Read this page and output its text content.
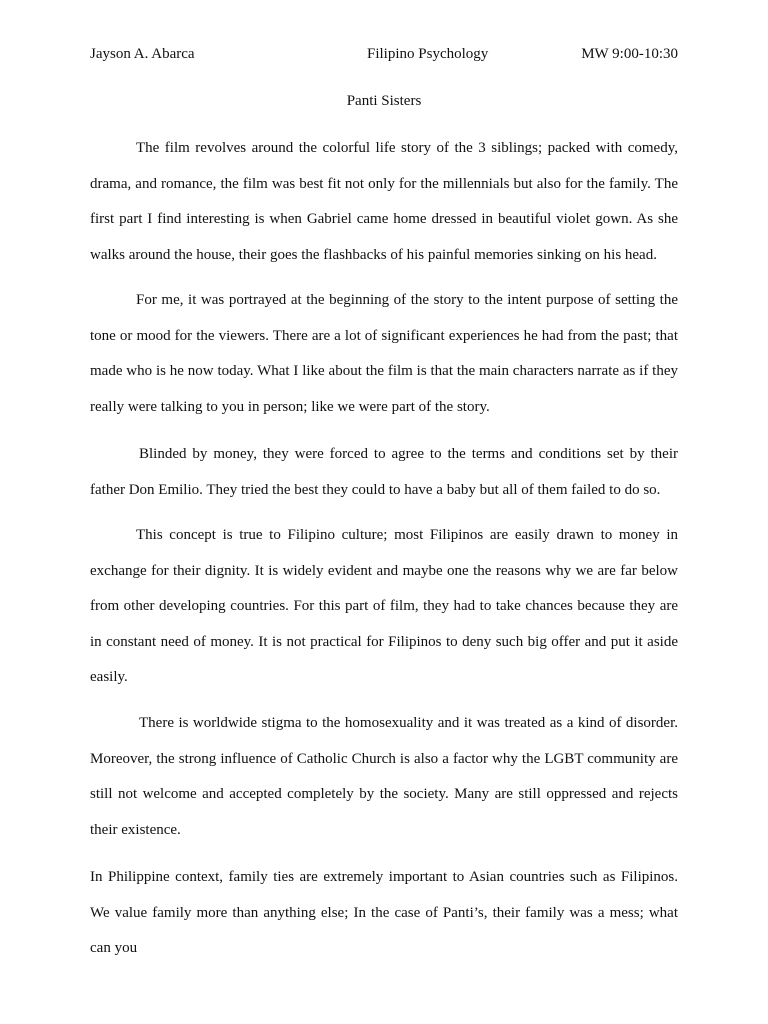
Jayson A. Abarca	Filipino Psychology	MW 9:00-10:30
Panti Sisters

The film revolves around the colorful life story of the 3 siblings; packed with comedy, drama, and romance, the film was best fit not only for the millennials but also for the family. The first part I find interesting is when Gabriel came home dressed in beautiful violet gown. As she walks around the house, their goes the flashbacks of his painful memories sinking on his head.

For me, it was portrayed at the beginning of the story to the intent purpose of setting the tone or mood for the viewers. There are a lot of significant experiences he had from the past; that made who is he now today. What I like about the film is that the main characters narrate as if they really were talking to you in person; like we were part of the story.

Blinded by money, they were forced to agree to the terms and conditions set by their father Don Emilio. They tried the best they could to have a baby but all of them failed to do so.

This concept is true to Filipino culture; most Filipinos are easily drawn to money in exchange for their dignity. It is widely evident and maybe one the reasons why we are far below from other developing countries. For this part of film, they had to take chances because they are in constant need of money. It is not practical for Filipinos to deny such big offer and put it aside easily.

There is worldwide stigma to the homosexuality and it was treated as a kind of disorder. Moreover, the strong influence of Catholic Church is also a factor why the LGBT community are still not welcome and accepted completely by the society. Many are still oppressed and rejects their existence.

In Philippine context, family ties are extremely important to Asian countries such as Filipinos. We value family more than anything else; In the case of Panti’s, their family was a mess; what can you
